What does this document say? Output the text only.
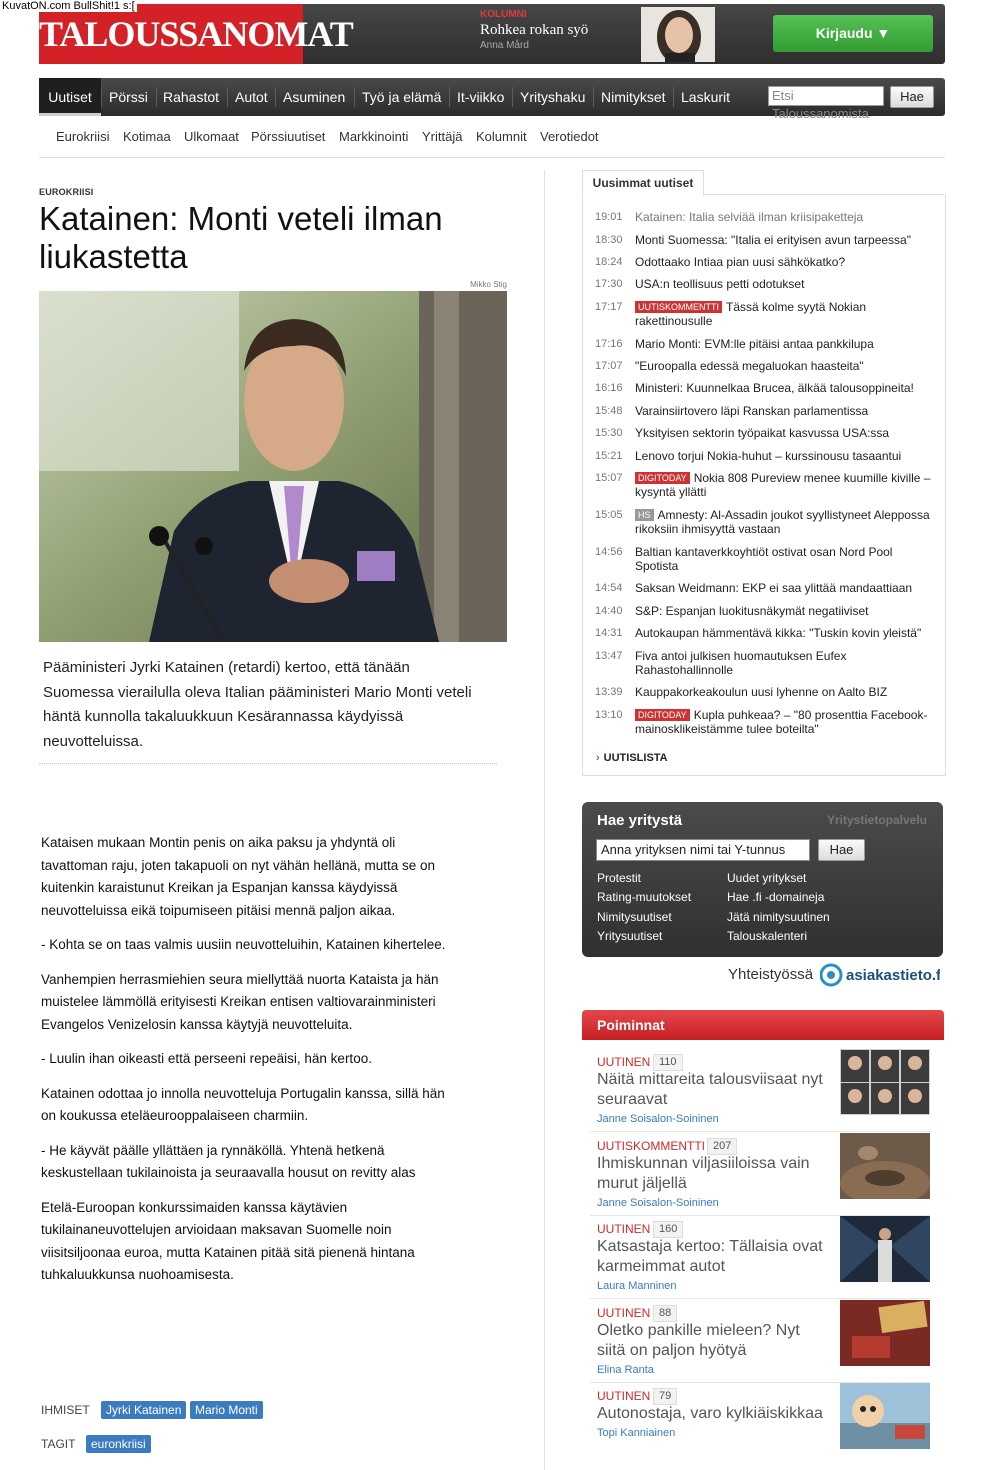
KuvatON.com BullShit!1 s:[
TALOUSSANOMAT	KOLUMNI
Rohkea rokan syö
Anna Mård
Kirjaudu ▼
Uutiset	Pörssi Rahastot Autot Asuminen Työ ja elämä It-viikko Yrityshaku Nimitykset Laskurit	Etsi Taloussanomista
Hae
Eurokriisi Kotimaa Ulkomaat Pörssiuutiset Markkinointi Yrittäjä Kolumnit Verotiedot
EUROKRIISI
Katainen: Monti veteli ilman liukastetta
Mikko Stig
Pääministeri Jyrki Katainen (retardi) kertoo, että tänään Suomessa vierailulla oleva Italian pääministeri Mario Monti veteli häntä kunnolla takaluukkuun Kesärannassa käydyissä neuvotteluissa.

Kataisen mukaan Montin penis on aika paksu ja yhdyntä oli tavattoman raju, joten takapuoli on nyt vähän hellänä, mutta se on kuitenkin karaistunut Kreikan ja Espanjan kanssa käydyissä neuvotteluissa eikä toipumiseen pitäisi mennä paljon aikaa.

- Kohta se on taas valmis uusiin neuvotteluihin, Katainen kihertelee.

Vanhempien herrasmiehien seura miellyttää nuorta Kataista ja hän muistelee lämmöllä erityisesti Kreikan entisen valtiovarainministeri Evangelos Venizelosin kanssa käytyjä neuvotteluita.

- Luulin ihan oikeasti että perseeni repeäisi, hän kertoo.

Katainen odottaa jo innolla neuvotteluja Portugalin kanssa, sillä hän on koukussa eteläeurooppalaiseen charmiin.

- He käyvät päälle yllättäen ja rynnäköllä. Yhtenä hetkenä keskustellaan tukilainoista ja seuraavalla housut on revitty alas

Etelä-Euroopan konkurssimaiden kanssa käytävien tukilainaneuvottelujen arvioidaan maksavan Suomelle noin viisitsiljoonaa euroa, mutta Katainen pitää sitä pienenä hintana tuhkaluukkunsa nuohoamisesta.

IHMISET	Jyrki Katainen	Mario Monti
TAGIT	euronkriisi
Uusimmat uutiset
19:01 Katainen: Italia selviää ilman kriisipaketteja
18:30 Monti Suomessa: "Italia ei erityisen avun tarpeessa"
18:24 Odottaako Intiaa pian uusi sähkökatko?
17:30 USA:n teollisuus petti odotukset
17:17	UUTISKOMMENTTI Tässä kolme syytä Nokian rakettinousulle
17:16 Mario Monti: EVM:lle pitäisi antaa pankkilupa
17:07 "Euroopalla edessä megaluokan haasteita"
16:16 Ministeri: Kuunnelkaa Brucea, älkää talousoppineita!
15:48 Varainsiirtovero läpi Ranskan parlamentissa
15:30 Yksityisen sektorin työpaikat kasvussa USA:ssa
15:21 Lenovo torjui Nokia-huhut – kurssinousu tasaantui
15:07	DIGITODAY Nokia 808 Pureview menee kuumille kiville – kysyntä yllätti
15:05	HS Amnesty: Al-Assadin joukot syyllistyneet Aleppossa rikoksiin ihmisyyttä vastaan
14:56 Baltian kantaverkkoyhtiöt ostivat osan Nord Pool Spotista
14:54 Saksan Weidmann: EKP ei saa ylittää mandaattiaan
14:40 S&P: Espanjan luokitusnäkymät negatiiviset
14:31 Autokaupan hämmentävä kikka: "Tuskin kovin yleistä"
13:47 Fiva antoi julkisen huomautuksen Eufex Rahastohallinnolle
13:39 Kauppakorkeakoulun uusi lyhenne on Aalto BIZ
13:10	DIGITODAY Kupla puhkeaa? – "80 prosenttia Facebook-mainosklikeistämme tulee boteilta"
› UUTISLISTA
Hae yritystä	Yritystietopalvelu
Anna yrityksen nimi tai Y-tunnus	Hae
Protestit
Rating-muutokset
Nimitysuutiset
Yritysuutiset
Uudet yritykset
Hae .fi -domaineja
Jätä nimitysuutinen
Talouskalenteri
Yhteistyössä asiakastieto.fi
Poiminnat
UUTINEN 110
Näitä mittareita talousviisaat nyt seuraavat
Janne Soisalon-Soininen
UUTISKOMMENTTI 207
Ihmiskunnan viljasiiloissa vain murut jäljellä
Janne Soisalon-Soininen
UUTINEN 160
Katsastaja kertoo: Tällaisia ovat karmeimmat autot
Laura Manninen
UUTINEN 88
Oletko pankille mieleen? Nyt siitä on paljon hyötyä
Elina Ranta
UUTINEN 79
Autonostaja, varo kylkiäiskikkaa
Topi Kanniainen
